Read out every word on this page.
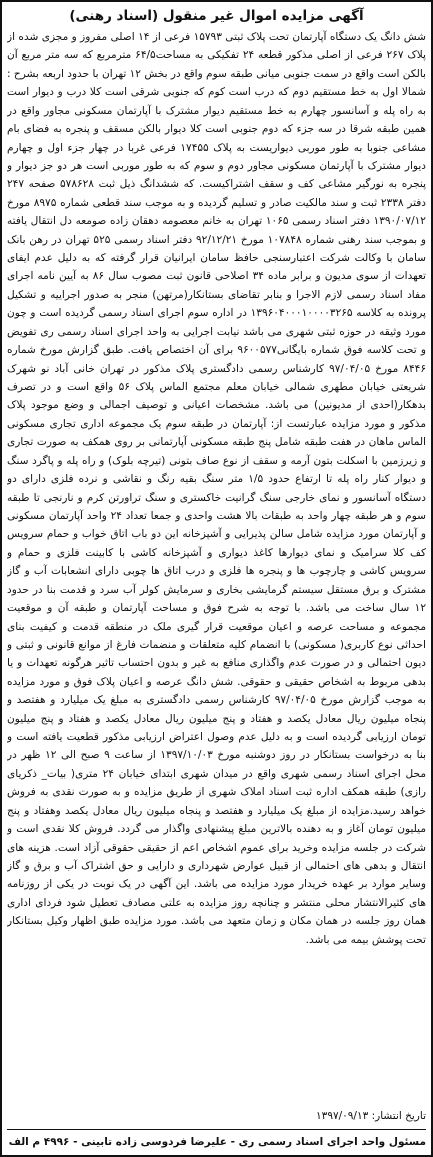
آگهی مزایده اموال غیر منقول (اسناد رهنی)

شش دانگ یک دستگاه آپارتمان تحت پلاک ثبتی ۱۵۷۹۳ فرعی از ۱۴ اصلی مفروز و مجزی شده از پلاک ۲۶۷ فرعی از اصلی مذکور قطعه ۲۴ تفکیکی به مساحت۶۴/۵ مترمربع که سه متر مربع آن بالکن است واقع در سمت جنوبی میانی طبقه سوم واقع در بخش ۱۲ تهران با حدود اربعه بشرح : شمالا اول به خط مستقیم دوم که درب است کوم که جنوبی شرقی است کلا درب و دیوار است به راه پله و آسانسور چهارم به خط مستقیم دیوار مشترک با آپارتمان مسکونی مجاور واقع در همین طبقه شرقا در سه جزء که دوم جنوبی است کلا دیوار بالکن مسقف و پنجره به فضای بام مشاعی جنوبا به طور موربی دیواریست به پلاک ۱۷۴۵۵ فرعی غربا در چهار جزء اول و چهارم دیوار مشترک با آپارتمان مسکونی مجاور دوم و سوم که به طور موربی است هر دو جز دیوار و پنجره به نورگیر مشاعی کف و سقف اشتراکیست. که ششدانگ ذیل ثبت ۵۷۸۶۲۸ صفحه ۲۴۷ دفتر ۲۳۳۸ ثبت و سند مالکیت صادر و تسلیم گردیده و به موجب سند قطعی شماره ۸۹۷۵ مورخ ۱۳۹۰/۰۷/۱۲ دفتر اسناد رسمی ۱۰۶۵ تهران به خانم معصومه دهقان زاده صومعه دل انتقال یافته و بموجب سند رهنی شماره ۱۰۷۸۴۸ مورخ ۹۲/۱۲/۲۱ دفتر اسناد رسمی ۵۲۵ تهران در رهن بانک سامان با وکالت شرکت اعتبارسنجی حافظ سامان ایرانیان قرار گرفته که به دلیل عدم ایفای تعهدات از سوی مدیون و برابر ماده ۳۴ اصلاحی قانون ثبت مصوب سال ۸۶ به آیین نامه اجرای مفاد اسناد رسمی لازم الاجرا و بنابر تقاضای بستانکار(مرتهن) منجر به صدور اجراییه و تشکیل پرونده به کلاسه ۱۳۹۶۰۴۰۰۰۱۰۰۰۰۳۲۶۵ در اداره سوم اجرای اسناد رسمی گردیده است و چون مورد وثیقه در حوزه ثبتی شهری می باشد نیابت اجرایی به واحد اجرای اسناد رسمی ری تفویض و تحت کلاسه فوق شماره بایگانی۹۶۰۰۵۷۷ برای آن اختصاص یافت. طبق گزارش مورخ شماره ۸۴۴۶ مورخ ۹۷/۰۴/۰۵ کارشناس رسمی دادگستری پلاک مذکور در تهران خانی آباد نو شهرک شریعتی خیابان مطهری شمالی خیابان معلم مجتمع الماس پلاک ۵۶ واقع است و در تصرف بدهکار(احدی از مدیونین) می باشد. مشخصات اعیانی و توصیف اجمالی و وضع موجود پلاک مذکور و مورد مزایده عبارتست از: آپارتمان در طبقه سوم یک مجموعه اداری تجاری مسکونی الماس ماهان در هفت طبقه شامل پنج طبقه مسکونی آپارتمانی بر روی همکف به صورت تجاری و زیرزمین با اسکلت بتون آرمه و سقف از نوع صاف بتونی (تیرچه بلوک) و راه پله و پاگرد سنگ و دیوار کنار راه پله تا ارتفاع حدود ۱/۵ متر سنگ بقیه رنگ و نقاشی و نرده فلزی دارای دو دستگاه آسانسور و نمای خارجی سنگ گرانیت خاکستری و سنگ تراورتن کرم و نارنجی تا طبقه سوم و هر طبقه چهار واحد به طبقات بالا هشت واحدی و جمعا تعداد ۲۴ واحد آپارتمان مسکونی و آپارتمان مورد مزایده شامل سالن پذیرایی و آشپزخانه این دو باب اتاق خواب و حمام سرویس کف کلا سرامیک و نمای دیوارها کاغذ دیواری و آشپزخانه کاشی با کابینت فلزی و حمام و سرویس کاشی و چارچوب ها و پنجره ها فلزی و درب اتاق ها چوبی دارای انشعابات آب و گاز مشترک و برق مستقل سیستم گرمایشی بخاری و سرمایش کولر آب سرد و قدمت بنا در حدود ۱۲ سال ساخت می باشد. با توجه به شرح فوق و مساحت آپارتمان و طبقه آن و موقعیت مجموعه و مساحت عرصه و اعیان موقعیت قرار گیری ملک در منطقه قدمت و کیفیت بنای احداثی نوع کاربری( مسکونی) با انضمام کلیه متعلقات و منضمات فارغ از موانع قانونی و ثبتی و دیون احتمالی و در صورت عدم واگذاری منافع به غیر و بدون احتساب تاثیر هرگونه تعهدات و یا بدهی مربوط به اشخاص حقیقی و حقوقی. شش دانگ عرصه و اعیان پلاک فوق و مورد مزایده به موجب گزارش مورخ ۹۷/۰۴/۰۵ کارشناس رسمی دادگستری به مبلغ یک میلیارد و هفتصد و پنجاه میلیون ریال معادل یکصد و هفتاد و پنج میلیون ریال معادل یکصد و هفتاد و پنج میلیون تومان ارزیابی گردیده است و به دلیل عدم وصول اعتراض ارزیابی مذکور قطعیت یافته است و بنا به درخواست بستانکار در روز دوشنبه مورخ ۱۳۹۷/۱۰/۰۳ از ساعت ۹ صبح الی ۱۲ ظهر در محل اجرای اسناد رسمی شهری واقع در میدان شهری ابتدای خیابان ۲۴ متری( بیات_ ذکریای رازی) طبقه همکف اداره ثبت اسناد املاک شهری از طریق مزایده و به صورت نقدی به فروش خواهد رسید.مزایده از مبلغ یک میلیارد و هفتصد و پنجاه میلیون ریال معادل یکصد وهفتاد و پنج میلیون تومان آغاز و به دهنده بالاترین مبلغ پیشنهادی واگذار می گردد. فروش کلا نقدی است و شرکت در جلسه مزایده وخرید برای عموم اشخاص اعم از حقیقی حقوقی آزاد است. هزینه های انتقال و بدهی های احتمالی از قبیل عوارض شهرداری و دارایی و حق اشتراک آب و برق و گاز وسایر موارد بر عهده خریدار مورد مزایده می باشد. این آگهی در یک نوبت در یکی از روزنامه های کثیرالانتشار محلی منتشر و چنانچه روز مزایده به علتی مصادف تعطیل شود فردای اداری همان روز جلسه در همان مکان و زمان متعهد می باشد. مورد مزایده طبق اظهار وکیل بستانکار تحت پوشش بیمه می باشد.

تاریخ انتشار: ۱۳۹۷/۰۹/۱۳
مسئول واحد اجرای اسناد رسمی ری - علیرضا فردوسی زاده تابینی - ۴۹۹۶ م الف
